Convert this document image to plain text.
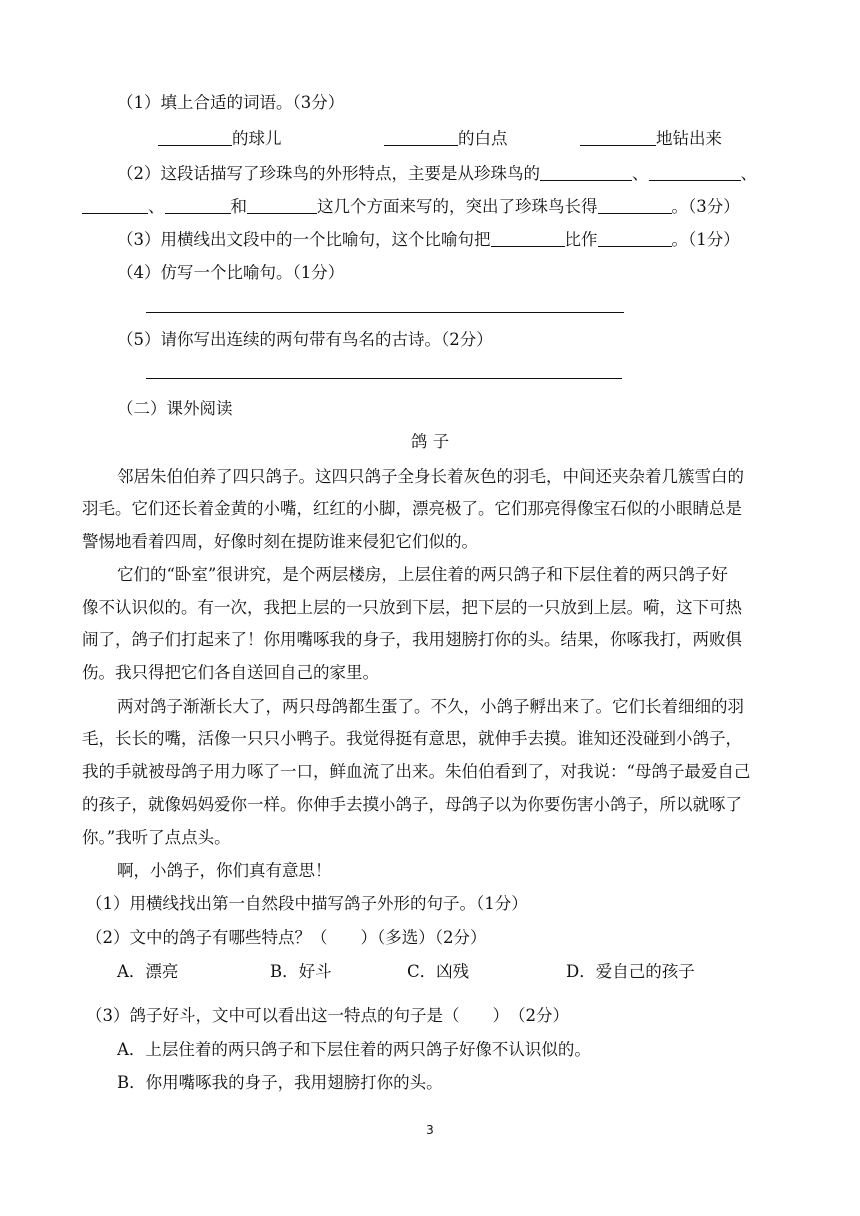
（1）填上合适的词语。（3分）
的球儿	的白点	地钻出来
（2）这段话描写了珍珠鸟的外形特点，主要是从珍珠鸟的	、	、
、	和	这几个方面来写的，突出了珍珠鸟长得	。（3分）
（3）用横线出文段中的一个比喻句，这个比喻句把	比作	。（1分）
（4）仿写一个比喻句。（1分）
（5）请你写出连续的两句带有鸟名的古诗。（2分）
（二）课外阅读
鸽 子
邻居朱伯伯养了四只鸽子。这四只鸽子全身长着灰色的羽毛，中间还夹杂着几簇雪白的
羽毛。它们还长着金黄的小嘴，红红的小脚，漂亮极了。它们那亮得像宝石似的小眼睛总是
警惕地看着四周，好像时刻在提防谁来侵犯它们似的。
它们的“卧室”很讲究，是个两层楼房，上层住着的两只鸽子和下层住着的两只鸽子好
像不认识似的。有一次，我把上层的一只放到下层，把下层的一只放到上层。嗬，这下可热
闹了，鸽子们打起来了！你用嘴啄我的身子，我用翅膀打你的头。结果，你啄我打，两败俱
伤。我只得把它们各自送回自己的家里。
两对鸽子渐渐长大了，两只母鸽都生蛋了。不久，小鸽子孵出来了。它们长着细细的羽
毛，长长的嘴，活像一只只小鸭子。我觉得挺有意思，就伸手去摸。谁知还没碰到小鸽子，
我的手就被母鸽子用力啄了一口，鲜血流了出来。朱伯伯看到了，对我说：“母鸽子最爱自己
的孩子，就像妈妈爱你一样。你伸手去摸小鸽子，母鸽子以为你要伤害小鸽子，所以就啄了
你。”我听了点点头。
啊，小鸽子，你们真有意思！
（1）用横线找出第一自然段中描写鸽子外形的句子。（1分）
（2）文中的鸽子有哪些特点？（　　）（多选）（2分）
A．漂亮	B．好斗	C．凶残	D．爱自己的孩子
（3）鸽子好斗，文中可以看出这一特点的句子是（　　）　（2分）
A．上层住着的两只鸽子和下层住着的两只鸽子好像不认识似的。
B．你用嘴啄我的身子，我用翅膀打你的头。
3
